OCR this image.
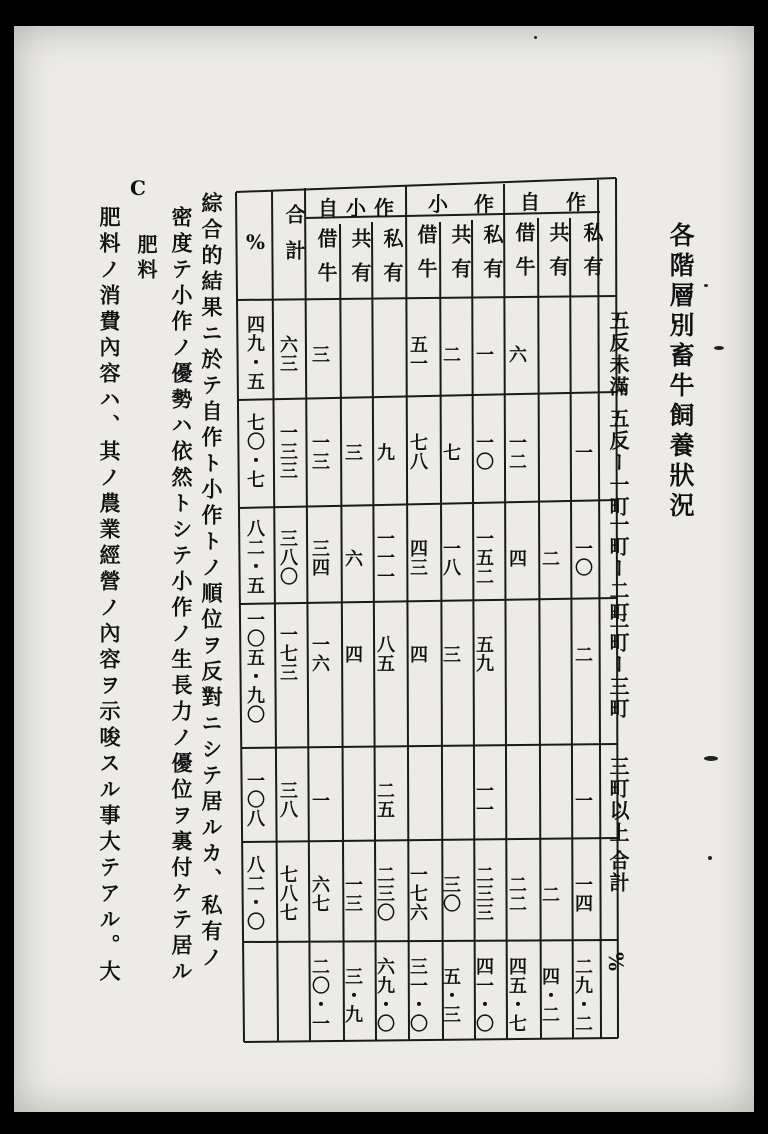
各階層別畜牛飼養狀況
C
肥料ノ消費內容ハ、其ノ農業經營ノ內容ヲ示唆スル事大テアル。大 肥料 密度テ小作ノ優勢ハ依然トシテ小作ノ生長力ノ優位ヲ裏付ケテ居ル 綜合的結果ニ於テ自作ト小作トノ順位ヲ反對ニシテ居ルカ、私有ノ	自作
小作
自小作
私有
共有
借牛
私有
共有
借牛
私有
共有
借牛
合計
%
五反未滿
六
一
二
五一
三
六三
四九・五
五反ー一町
一
一二
一〇
七
七八
九
三
一三
一三三
七〇・七
一町ー二町
一〇
二
四
一五二
一八
四三
一一一
六
三四
三八〇
八二・五
二町ー三町
二
五九
三
四
八五
四
一六
一七三
一〇五・九〇
三町以上
一
一一
二五
一
三八
一〇八
合計
一四
二
二二
二三三
三〇
一七六
二三〇
一三
六七
七八七
八二・〇
%
二九・二
四・二
四五・七
四一・〇
五・三
三一・〇
六九・〇
三・九
二〇・一
